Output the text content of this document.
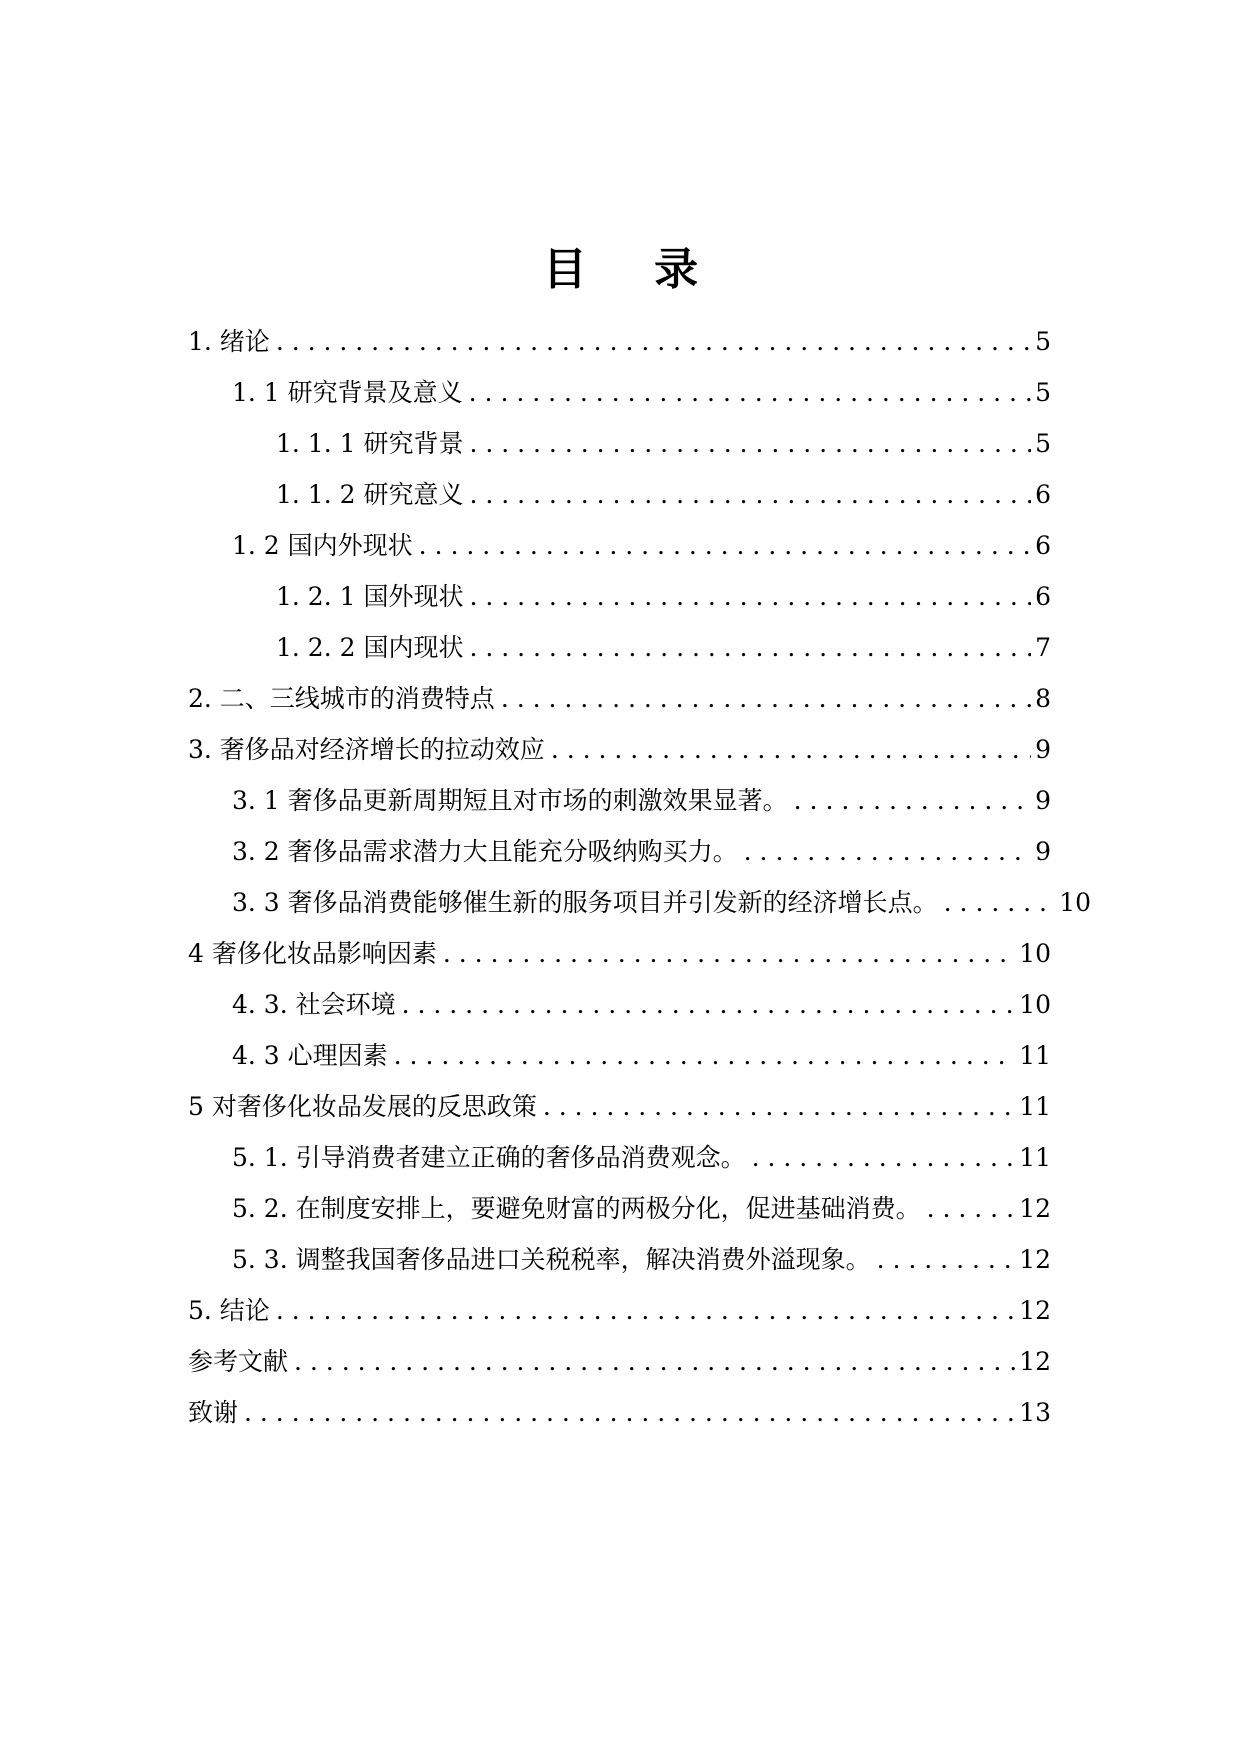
目 录
1. 绪论 . . .	5
1. 1 研究背景及意义 . . .	5
1. 1. 1 研究背景 . . .	5
1. 1. 2 研究意义 . . .	6
1. 2 国内外现状 . . .	6
1. 2. 1 国外现状 . . .	6
1. 2. 2 国内现状 . . .	7
2. 二、三线城市的消费特点 . . .	8
3. 奢侈品对经济增长的拉动效应 . . .	9
3. 1 奢侈品更新周期短且对市场的刺激效果显著。 . . .	9
3. 2 奢侈品需求潜力大且能充分吸纳购买力。 . . .	9
3. 3 奢侈品消费能够催生新的服务项目并引发新的经济增长点。 . . .	10
4 奢侈化妆品影响因素 . . .	10
4. 3. 社会环境 . . .	10
4. 3 心理因素 . . .	11
5 对奢侈化妆品发展的反思政策 . . .	11
5. 1. 引导消费者建立正确的奢侈品消费观念。 . . .	11
5. 2. 在制度安排上，要避免财富的两极分化，促进基础消费。 . . .	12
5. 3. 调整我国奢侈品进口关税税率，解决消费外溢现象。 . . .	12
5. 结论 . . .	12
参考文献 . . .	12
致谢 . . .	13
